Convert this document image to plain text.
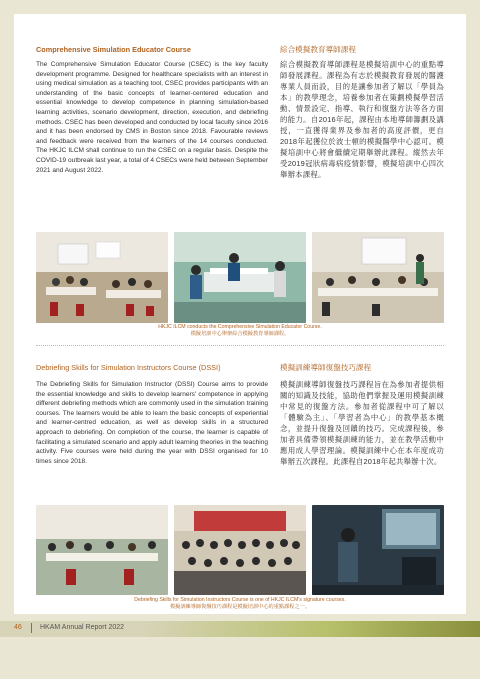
Comprehensive Simulation Educator Course	綜合模擬教育導師課程
The Comprehensive Simulation Educator Course (CSEC) is the key faculty development programme. Designed for healthcare specialists with an interest in using medical simulation as a teaching tool, CSEC provides participants with an understanding of the basic concepts of learner-centered education and essential knowledge to develop competence in planning simulation-based learning activities, scenario development, direction, execution, and debriefing methods. CSEC has been developed and conducted by local faculty since 2016 and it has been endorsed by CMS in Boston since 2018. Favourable reviews and feedback were received from the learners of the 14 courses conducted. The HKJC ILCM shall continue to run the CSEC on a regular basis. Despite the COVID-19 outbreak last year, a total of 4 CSECs were held between September 2021 and August 2022.
綜合模擬教育導師課程是模擬培訓中心的重點導師發展課程。課程為有志於模擬教育發展的醫護專業人員而設，目的是讓參加者了解以「學員為本」的教學理念，培養參加者在策劃模擬學習活動、情景設定、指導、執行和復盤方法等各方面的能力。自2016年起，課程由本地導師籌劃及講授，一直獲得業界及參加者的高度評價，更自2018年起獲位於波士頓的模擬醫學中心認可。模擬培訓中心將會繼續定期舉辦此課程。縱然去年受2019冠狀病毒病疫情影響，模擬培訓中心四次舉辦本課程。
HKJC ILCM conducts the Comprehensive Simulation Educator Course.
模擬培訓中心舉辦綜合模擬教育導師課程。
Debriefing Skills for Simulation Instructors Course (DSSI)	模擬訓練導師復盤技巧課程
The Debriefing Skills for Simulation Instructor (DSSI) Course aims to provide the essential knowledge and skills to develop learners' competence in applying different debriefing methods which are commonly used in the simulation training courses. The learners would be able to learn the basic concepts of experiential and learner-centred education, as well as develop skills in a structured approach to debriefing. On completion of the course, the learner is capable of facilitating a simulated scenario and apply adult learning theories in the teaching activity. Five courses were held during the year with DSSI organised for 10 times since 2018.
模擬訓練導師復盤技巧課程旨在為參加者提供相關的知識及技能，協助他們掌握及運用模擬訓練中常見的復盤方法。參加者從課程中可了解以「體驗為主」、「學習者為中心」的教學基本概念，並提升復盤及回饋的技巧。完成課程後，參加者具備帶領模擬訓練的能力，並在教學活動中應用成人學習理論。模擬訓練中心在本年度成功舉辦五次課程。此課程自2018年起共舉辦十次。
Debriefing Skills for Simulation Instructors Course is one of HKJC ILCM's signature courses.
模擬訓練導師復盤技巧課程是模擬培訓中心的重點課程之一。
46	HKAM Annual Report 2022
